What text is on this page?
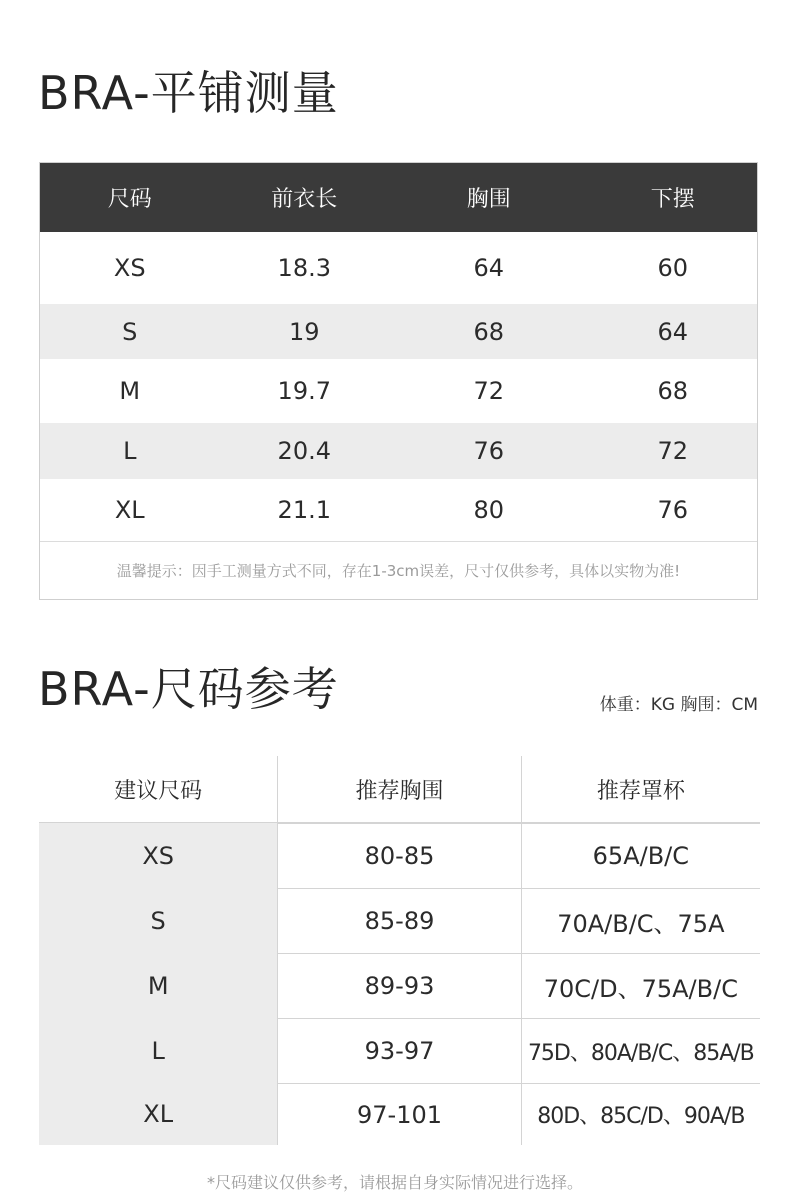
BRA-平铺测量
尺码	前衣长	胸围	下摆
XS	18.3	64	60
S	19	68	64
M	19.7	72	68
L	20.4	76	72
XL	21.1	80	76
温馨提示：因手工测量方式不同，存在1-3cm误差，尺寸仅供参考，具体以实物为准!
BRA-尺码参考	体重：KG 胸围：CM
建议尺码	推荐胸围	推荐罩杯
XS	80-85	65A/B/C
S	85-89	70A/B/C、75A
M	89-93	70C/D、75A/B/C
L	93-97	75D、80A/B/C、85A/B
XL	97-101	80D、85C/D、90A/B
*尺码建议仅供参考，请根据自身实际情况进行选择。
